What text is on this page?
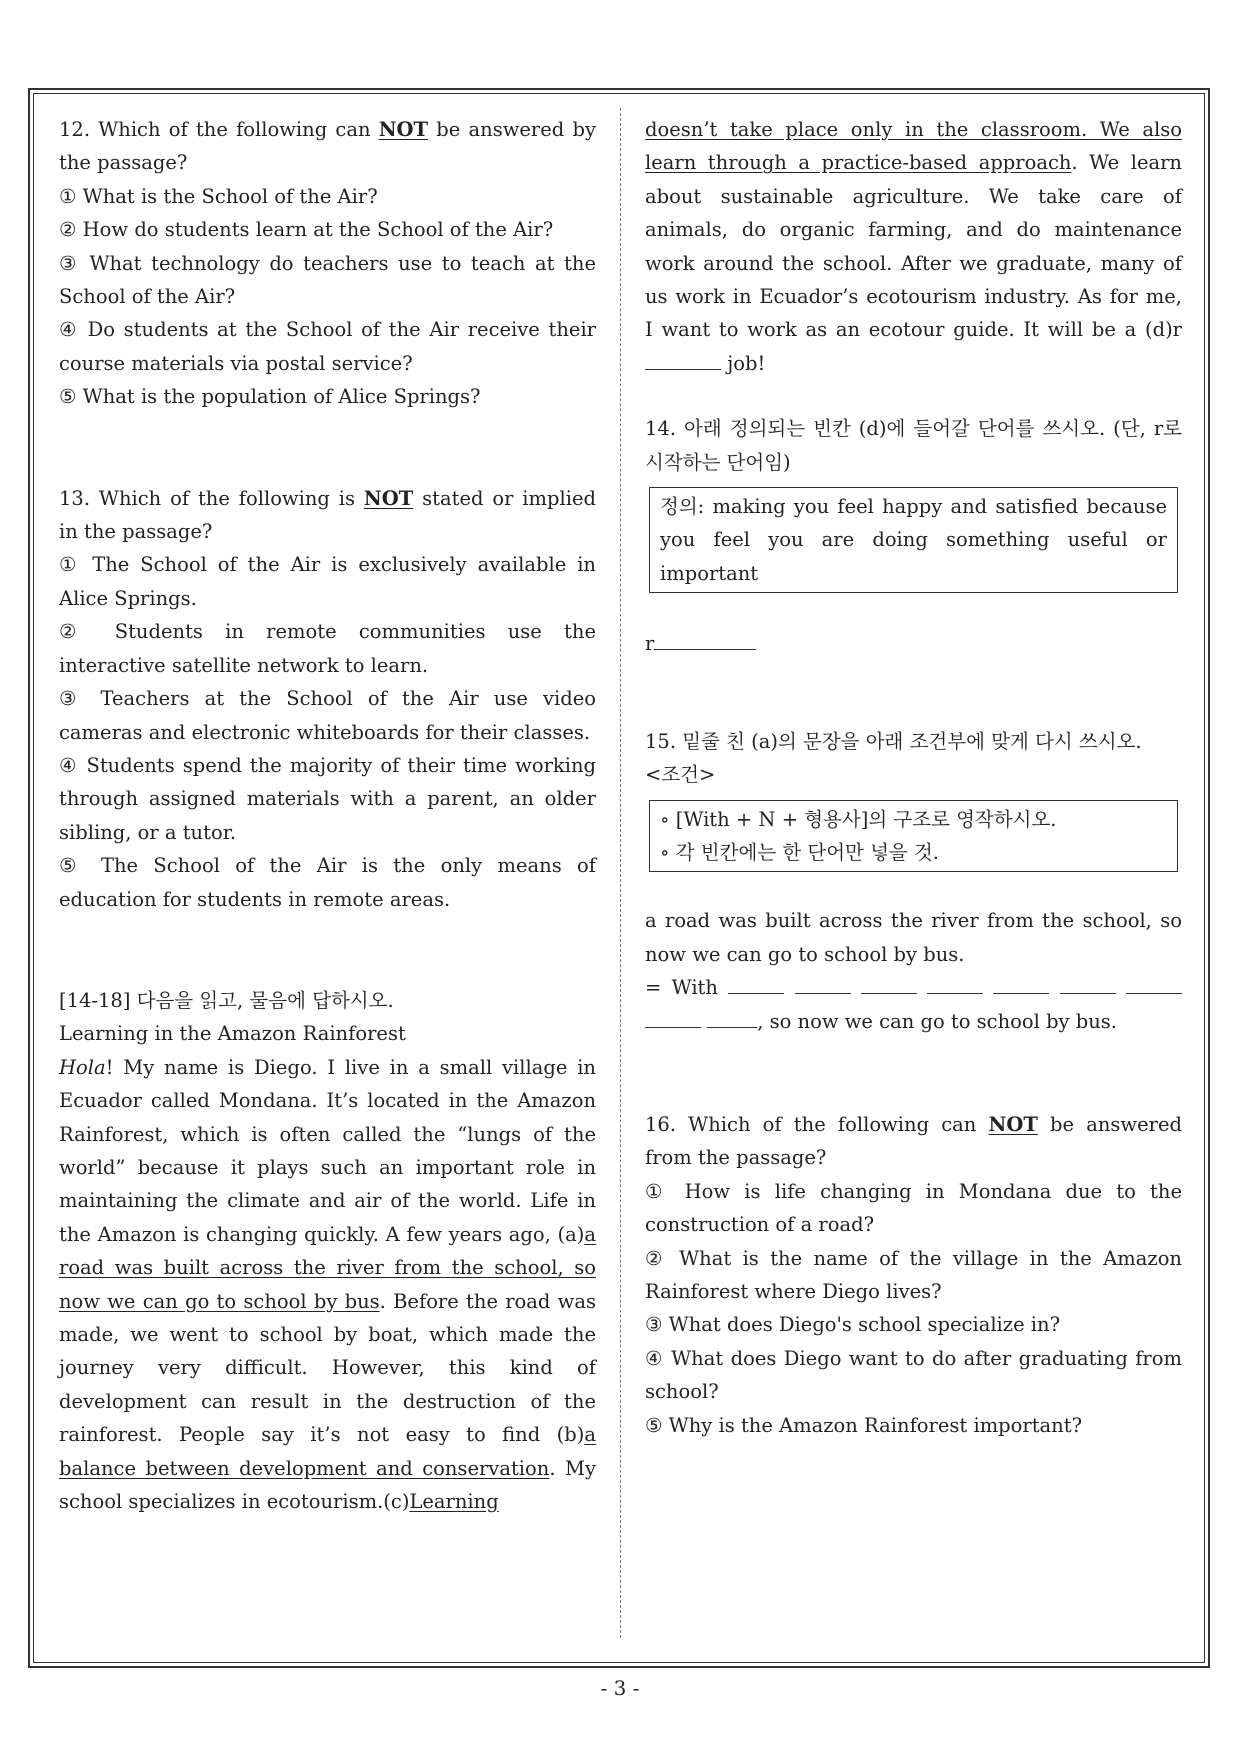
12. Which of the following can NOT be answered by the passage?

① What is the School of the Air?

② How do students learn at the School of the Air?

③ What technology do teachers use to teach at the School of the Air?

④ Do students at the School of the Air receive their course materials via postal service?

⑤ What is the population of Alice Springs?

13. Which of the following is NOT stated or implied in the passage?

① The School of the Air is exclusively available in Alice Springs.

② Students in remote communities use the interactive satellite network to learn.

③ Teachers at the School of the Air use video cameras and electronic whiteboards for their classes.

④ Students spend the majority of their time working through assigned materials with a parent, an older sibling, or a tutor.

⑤ The School of the Air is the only means of education for students in remote areas.

[14-18] 다음을 읽고, 물음에 답하시오.

Learning in the Amazon Rainforest

Hola! My name is Diego. I live in a small village in Ecuador called Mondana. It’s located in the Amazon Rainforest, which is often called the “lungs of the world” because it plays such an important role in maintaining the climate and air of the world. Life in the Amazon is changing quickly. A few years ago, (a)a road was built across the river from the school, so now we can go to school by bus. Before the road was made, we went to school by boat, which made the journey very difficult. However, this kind of development can result in the destruction of the rainforest. People say it’s not easy to find (b)a balance between development and conservation. My school specializes in ecotourism.(c)Learning

doesn’t take place only in the classroom. We also learn through a practice-based approach. We learn about sustainable agriculture. We take care of animals, do organic farming, and do maintenance work around the school. After we graduate, many of us work in Ecuador’s ecotourism industry. As for me, I want to work as an ecotour guide. It will be a (d)r job!

14. 아래 정의되는 빈칸 (d)에 들어갈 단어를 쓰시오. (단, r로 시작하는 단어임)

정의: making you feel happy and satisfied because you feel you are doing something useful or important

r

15. 밑줄 친 (a)의 문장을 아래 조건부에 맞게 다시 쓰시오.

<조건>

∘ [With + N + 형용사]의 구조로 영작하시오.

∘ 각 빈칸에는 한 단어만 넣을 것.

a road was built across the river from the school, so now we can go to school by bus.

= With         , so now we can go to school by bus.

16. Which of the following can NOT be answered from the passage?

① How is life changing in Mondana due to the construction of a road?

② What is the name of the village in the Amazon Rainforest where Diego lives?

③ What does Diego's school specialize in?

④ What does Diego want to do after graduating from school?

⑤ Why is the Amazon Rainforest important?

- 3 -
